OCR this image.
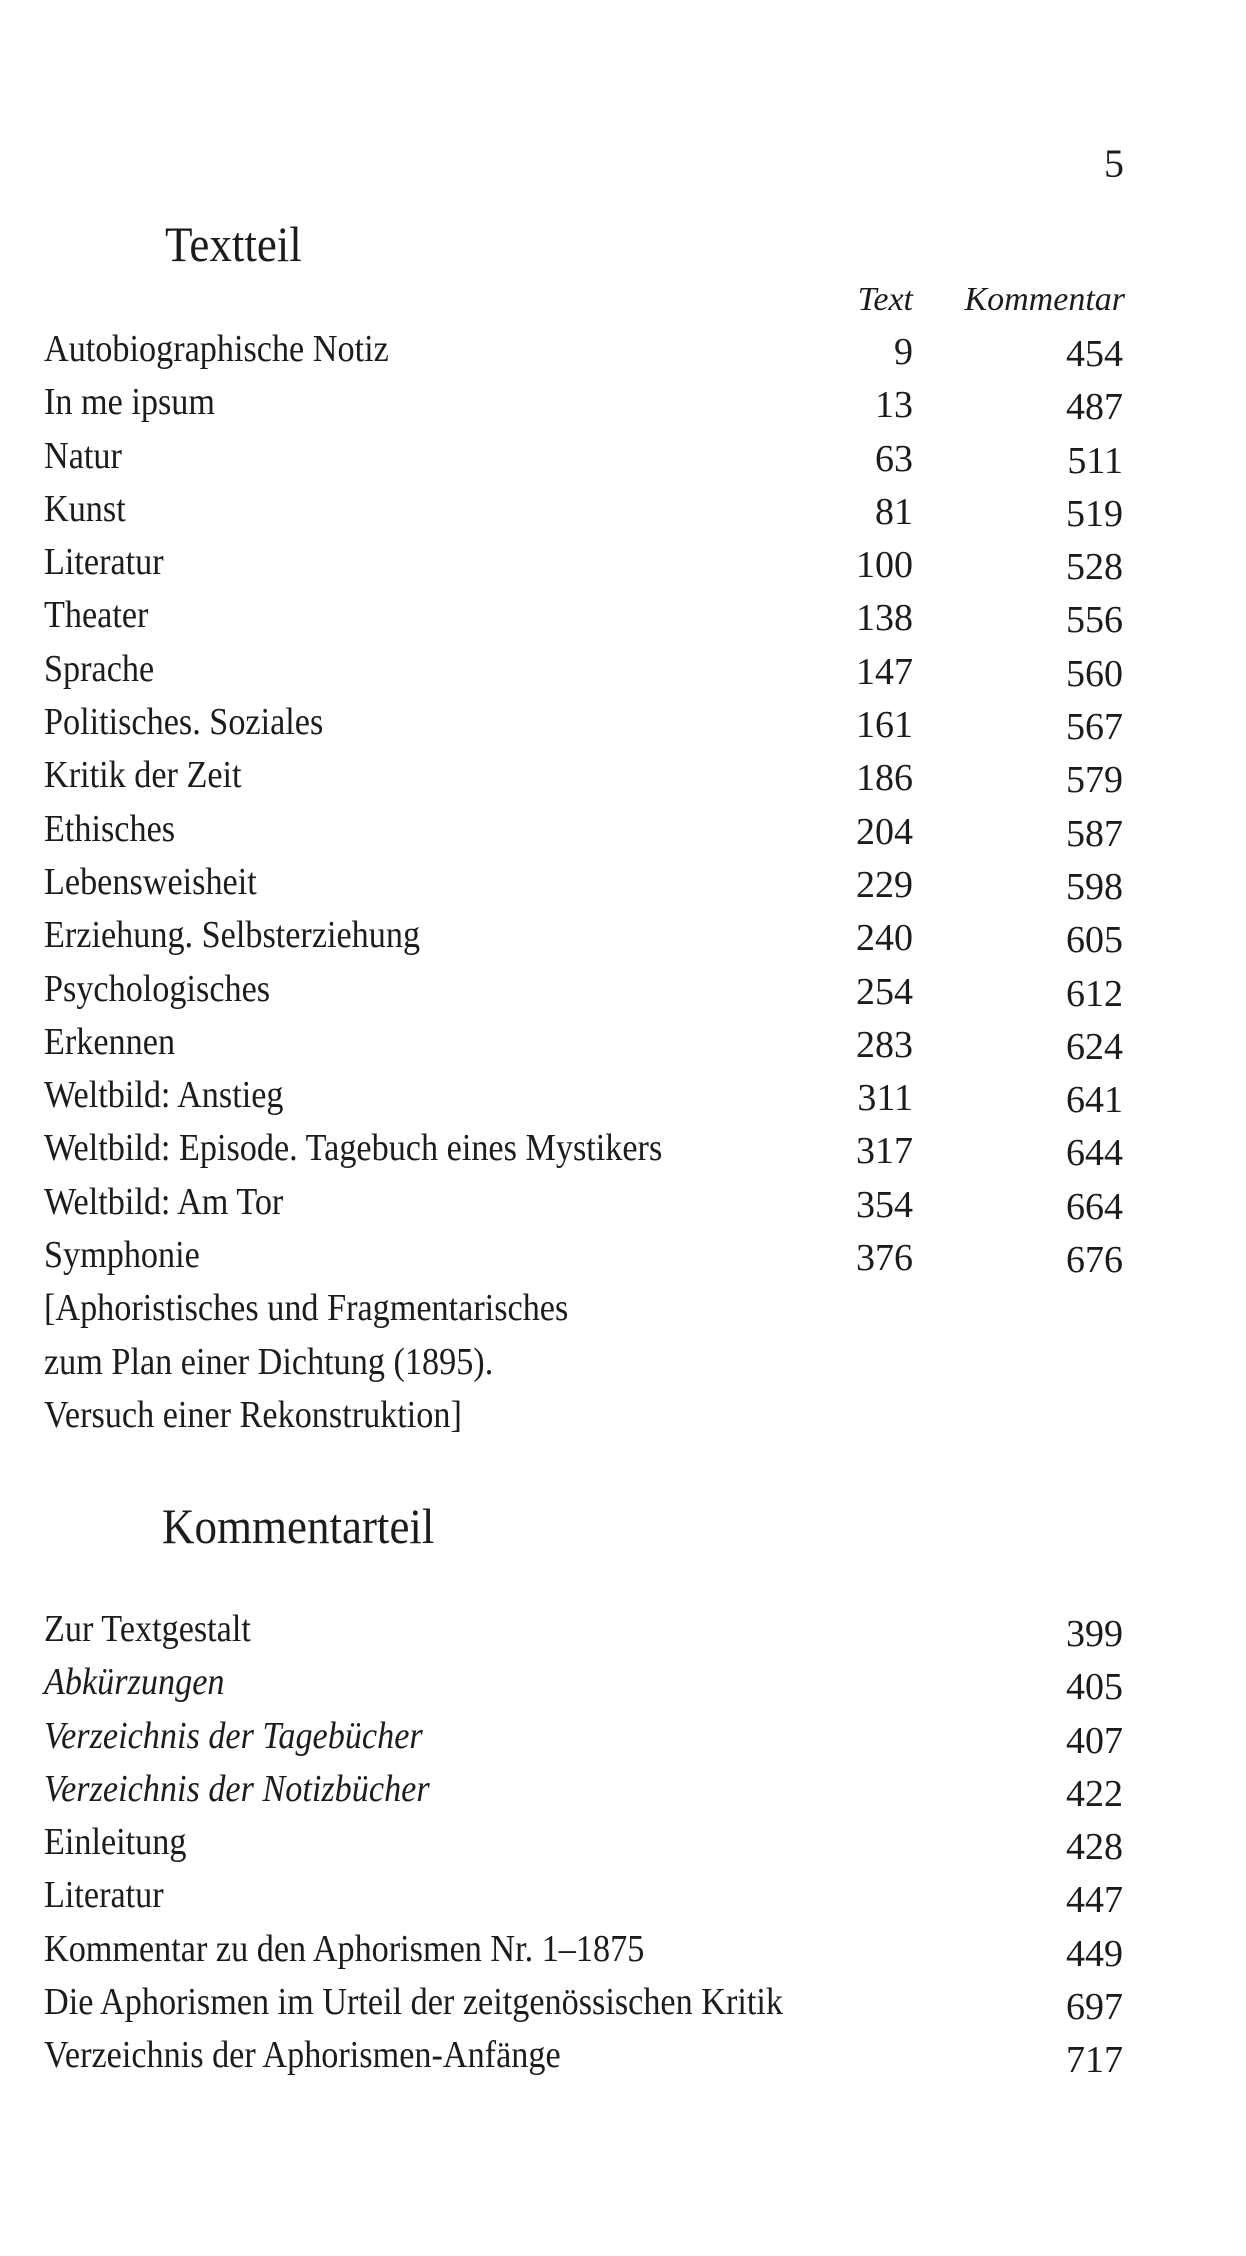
5
Textteil
Text Kommentar
Autobiographische Notiz	9	454
In me ipsum	13	487
Natur	63	511
Kunst	81	519
Literatur	100	528
Theater	138	556
Sprache	147	560
Politisches. Soziales	161	567
Kritik der Zeit	186	579
Ethisches	204	587
Lebensweisheit	229	598
Erziehung. Selbsterziehung	240	605
Psychologisches	254	612
Erkennen	283	624
Weltbild: Anstieg	311	641
Weltbild: Episode. Tagebuch eines Mystikers	317	644
Weltbild: Am Tor	354	664
Symphonie	376	676
[Aphoristisches und Fragmentarisches
zum Plan einer Dichtung (1895).
Versuch einer Rekonstruktion]
Kommentarteil
Zur Textgestalt	399
Abkürzungen	405
Verzeichnis der Tagebücher	407
Verzeichnis der Notizbücher	422
Einleitung	428
Literatur	447
Kommentar zu den Aphorismen Nr. 1–1875	449
Die Aphorismen im Urteil der zeitgenössischen Kritik	697
Verzeichnis der Aphorismen-Anfänge	717
